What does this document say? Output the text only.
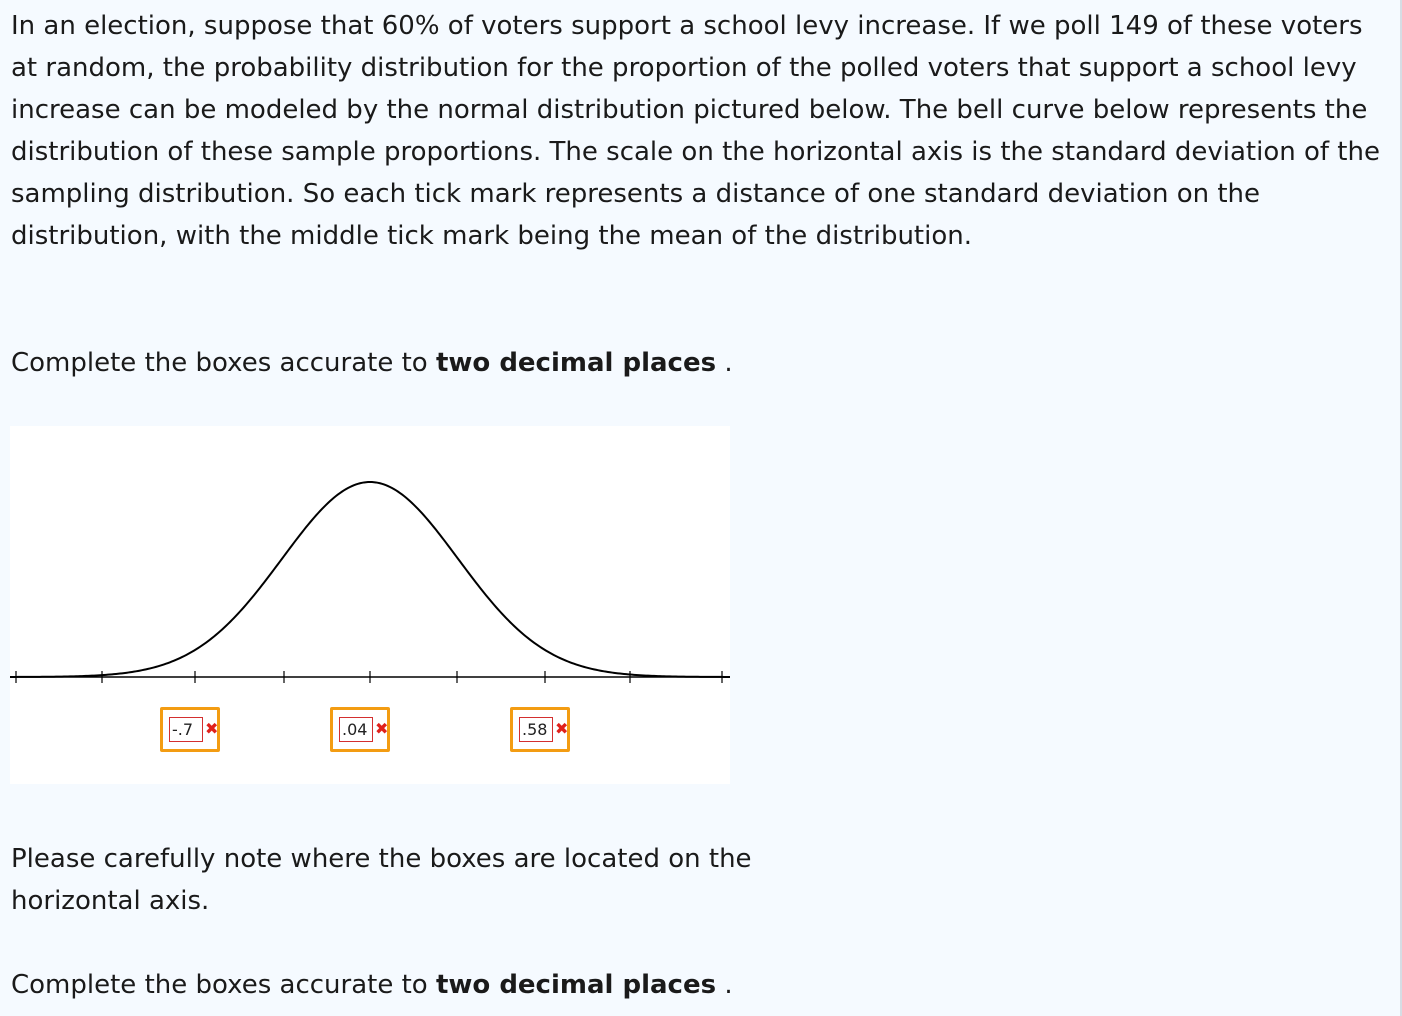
In an election, suppose that 60% of voters support a school levy increase. If we poll 149 of these voters at random, the probability distribution for the proportion of the polled voters that support a school levy increase can be modeled by the normal distribution pictured below. The bell curve below represents the distribution of these sample proportions. The scale on the horizontal axis is the standard deviation of the sampling distribution. So each tick mark represents a distance of one standard deviation on the distribution, with the middle tick mark being the mean of the distribution.

Complete the boxes accurate to two decimal places .

-.7 ✖	.04 ✖	.58 ✖

Please carefully note where the boxes are located on the horizontal axis.

Complete the boxes accurate to two decimal places .
